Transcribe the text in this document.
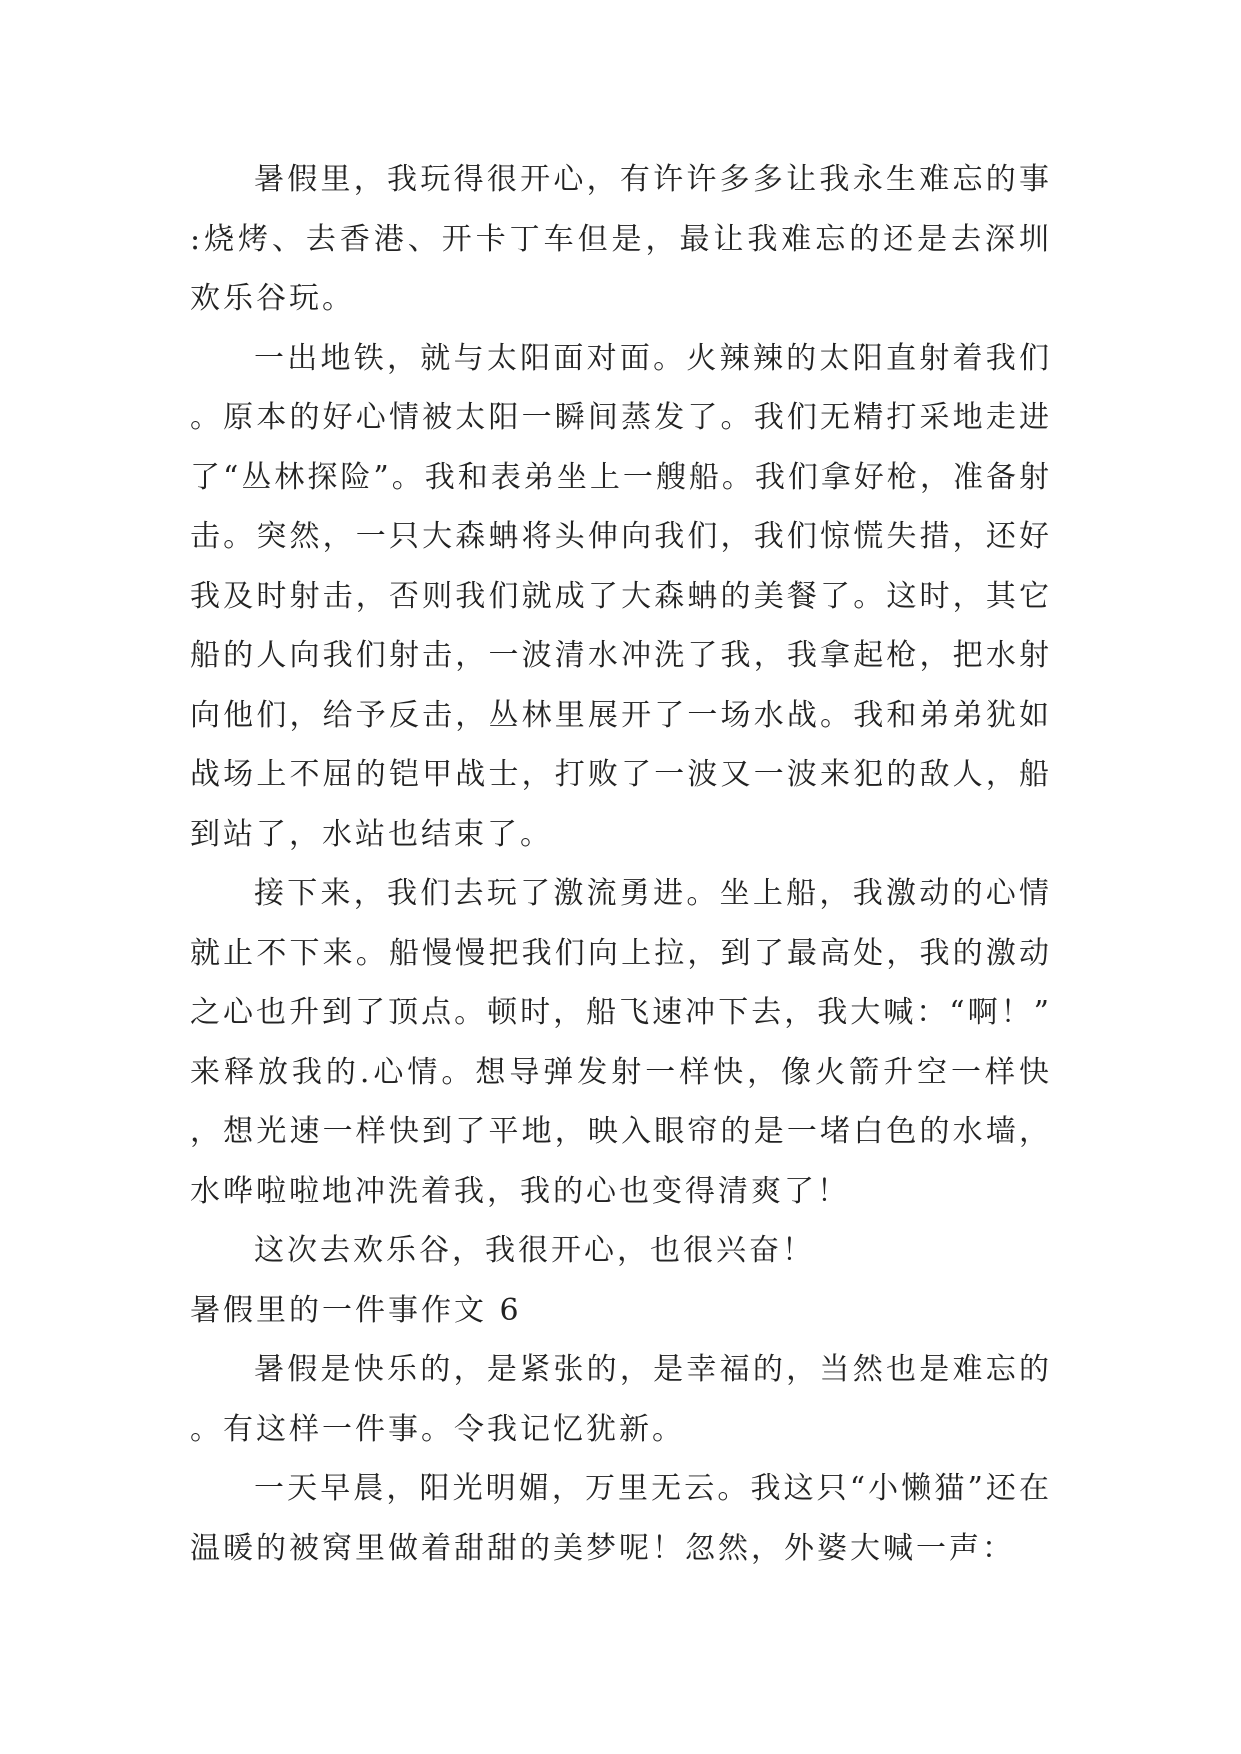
暑假里，我玩得很开心，有许许多多让我永生难忘的事:烧烤、去香港、开卡丁车但是，最让我难忘的还是去深圳欢乐谷玩。

一出地铁，就与太阳面对面。火辣辣的太阳直射着我们。原本的好心情被太阳一瞬间蒸发了。我们无精打采地走进了“丛林探险”。我和表弟坐上一艘船。我们拿好枪，准备射击。突然，一只大森蚺将头伸向我们，我们惊慌失措，还好我及时射击，否则我们就成了大森蚺的美餐了。这时，其它船的人向我们射击，一波清水冲洗了我，我拿起枪，把水射向他们，给予反击，丛林里展开了一场水战。我和弟弟犹如战场上不屈的铠甲战士，打败了一波又一波来犯的敌人，船到站了，水站也结束了。

接下来，我们去玩了激流勇进。坐上船，我激动的心情就止不下来。船慢慢把我们向上拉，到了最高处，我的激动之心也升到了顶点。顿时，船飞速冲下去，我大喊：“啊！”来释放我的.心情。想导弹发射一样快，像火箭升空一样快，想光速一样快到了平地，映入眼帘的是一堵白色的水墙，水哗啦啦地冲洗着我，我的心也变得清爽了！

这次去欢乐谷，我很开心，也很兴奋！

暑假里的一件事作文 6

暑假是快乐的，是紧张的，是幸福的，当然也是难忘的。有这样一件事。令我记忆犹新。

一天早晨，阳光明媚，万里无云。我这只“小懒猫”还在温暖的被窝里做着甜甜的美梦呢！忽然，外婆大喊一声：
